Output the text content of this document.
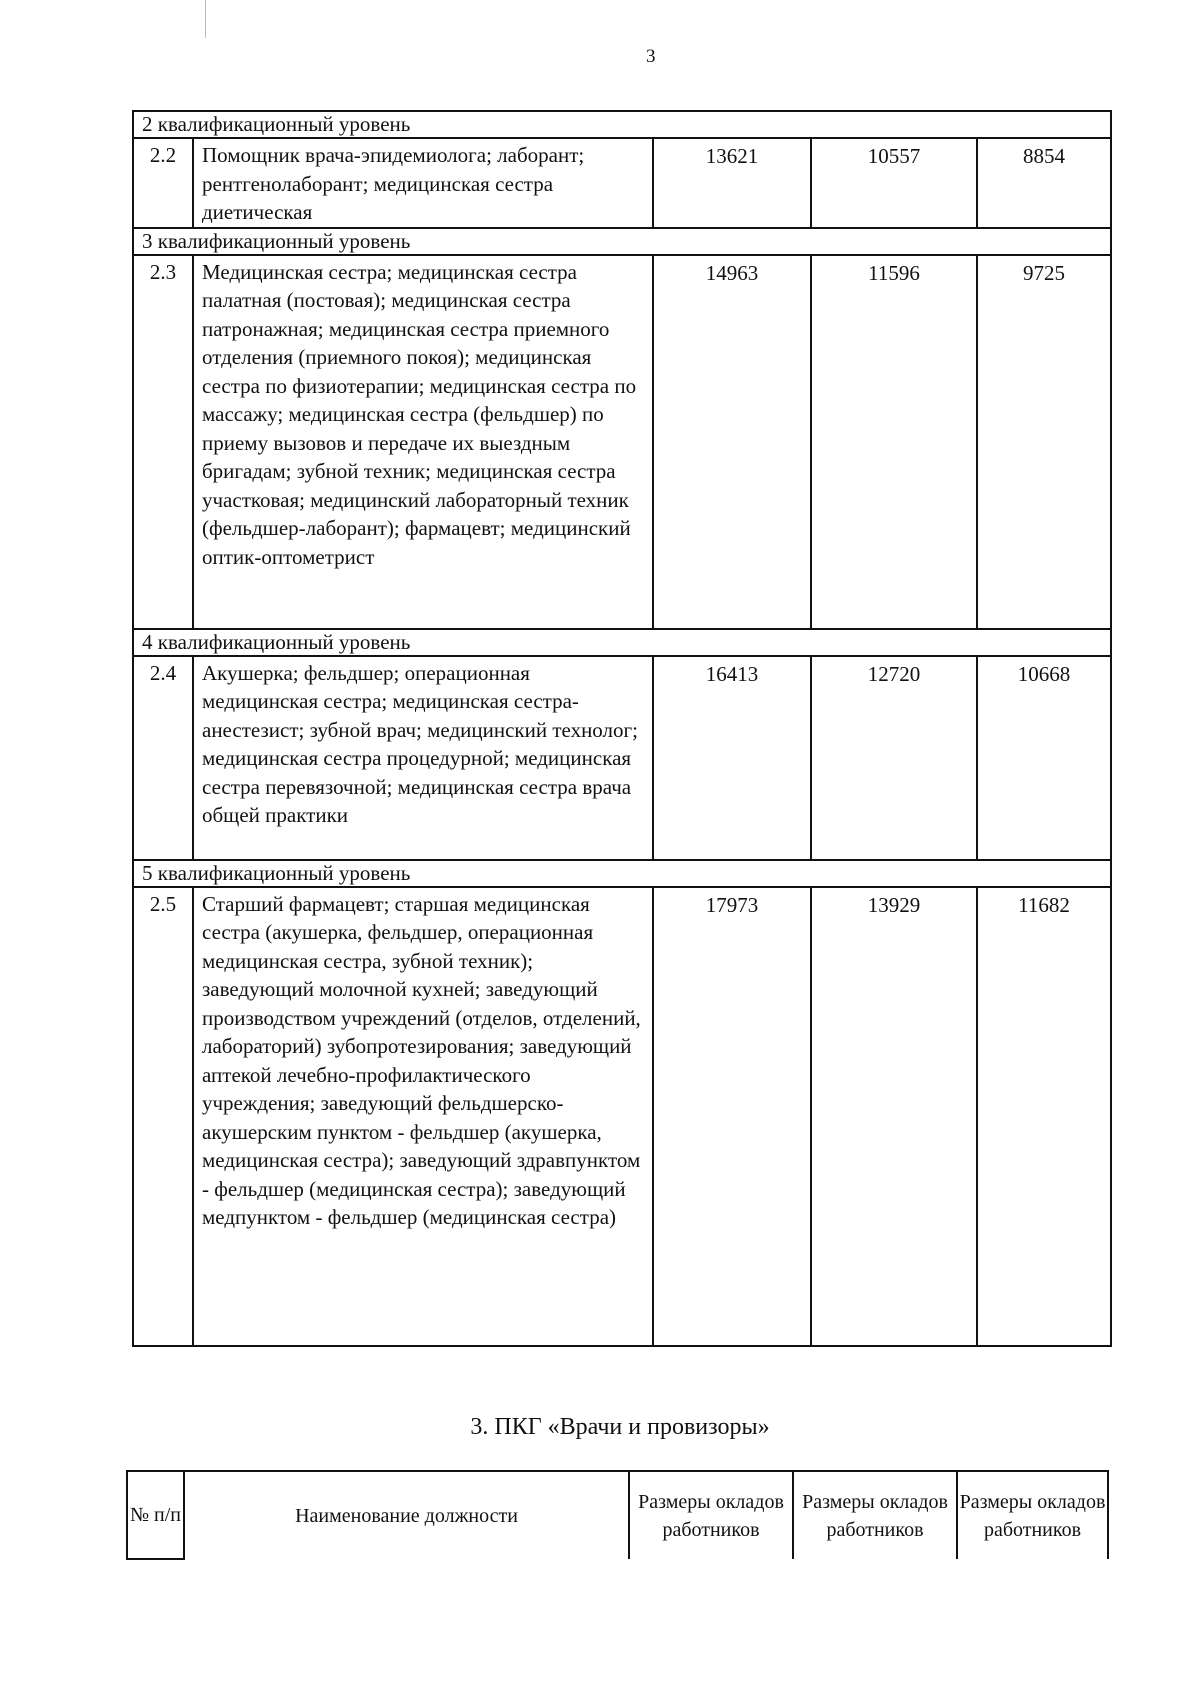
3
2 квалификационный уровень				
2.2	Помощник врача-эпидемиолога; лаборант; рентгенолаборант; медицинская сестра диетическая	13621	10557	8854
3 квалификационный уровень				
2.3	Медицинская сестра; медицинская сестра палатная (постовая); медицинская сестра патронажная; медицинская сестра приемного отделения (приемного покоя); медицинская сестра по физиотерапии; медицинская сестра по массажу; медицинская сестра (фельдшер) по приему вызовов и передаче их выездным бригадам; зубной техник; медицинская сестра участковая; медицинский лабораторный техник (фельдшер-лаборант); фармацевт; медицинский оптик-оптометрист	14963	11596	9725
4 квалификационный уровень				
2.4	Акушерка; фельдшер; операционная медицинская сестра; медицинская сестра-анестезист; зубной врач; медицинский технолог; медицинская сестра процедурной; медицинская сестра перевязочной; медицинская сестра врача общей практики	16413	12720	10668
5 квалификационный уровень				
2.5	Старший фармацевт; старшая медицинская сестра (акушерка, фельдшер, операционная медицинская сестра, зубной техник); заведующий молочной кухней; заведующий производством учреждений (отделов, отделений, лабораторий) зубопротезирования; заведующий аптекой лечебно-профилактического учреждения; заведующий фельдшерско-акушерским пунктом - фельдшер (акушерка, медицинская сестра); заведующий здравпунктом - фельдшер (медицинская сестра); заведующий медпунктом - фельдшер (медицинская сестра)	17973	13929	11682
3. ПКГ «Врачи и провизоры»
№ п/п	Наименование должности	Размеры окладов работников	Размеры окладов работников	Размеры окладов работников
